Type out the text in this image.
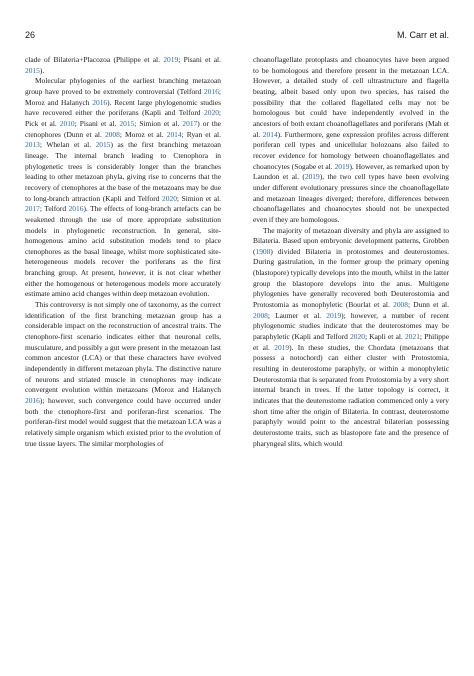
26	M. Carr et al.

clade of Bilateria+Placozoa (Philippe et al. 2019; Pisani et al. 2015).

Molecular phylogenies of the earliest branching metazoan group have proved to be extremely controversial (Telford 2016; Moroz and Halanych 2016). Recent large phylogenomic studies have recovered either the poriferans (Kapli and Telford 2020; Pick et al. 2010; Pisani et al. 2015; Simion et al. 2017) or the ctenophores (Dunn et al. 2008; Moroz et al. 2014; Ryan et al. 2013; Whelan et al. 2015) as the first branching metazoan lineage. The internal branch leading to Ctenophora in phylogenetic trees is considerably longer than the branches leading to other metazoan phyla, giving rise to concerns that the recovery of ctenophores at the base of the metazoans may be due to long-branch attraction (Kapli and Telford 2020; Simion et al. 2017; Telford 2016). The effects of long-branch artefacts can be weakened through the use of more appropriate substitution models in phylogenetic reconstruction. In general, site-homogenous amino acid substitution models tend to place ctenophores as the basal lineage, whilst more sophisticated site-heterogeneous models recover the poriferans as the first branching group. At present, however, it is not clear whether either the homogenous or heterogenous models more accurately estimate amino acid changes within deep metazoan evolution.

This controversy is not simply one of taxonomy, as the correct identification of the first branching metazoan group has a considerable impact on the reconstruction of ancestral traits. The ctenophore-first scenario indicates either that neuronal cells, musculature, and possibly a gut were present in the metazoan last common ancestor (LCA) or that these characters have evolved independently in different metazoan phyla. The distinctive nature of neurons and striated muscle in ctenophores may indicate convergent evolution within metazoans (Moroz and Halanych 2016); however, such convergence could have occurred under both the ctenophore-first and poriferan-first scenarios. The poriferan-first model would suggest that the metazoan LCA was a relatively simple organism which existed prior to the evolution of true tissue layers. The similar morphologies of

choanoflagellate protoplasts and choanocytes have been argued to be homologous and therefore present in the metazoan LCA. However, a detailed study of cell ultrastructure and flagella beating, albeit based only upon two species, has raised the possibility that the collared flagellated cells may not be homologous but could have independently evolved in the ancestors of both extant choanoflagellates and poriferans (Mah et al. 2014). Furthermore, gene expression profiles across different poriferan cell types and unicellular holozoans also failed to recover evidence for homology between choanoflagellates and choanocytes (Sogabe et al. 2019). However, as remarked upon by Laundon et al. (2019), the two cell types have been evolving under different evolutionary pressures since the choanoflagellate and metazoan lineages diverged; therefore, differences between choanoflagellates and choanocytes should not be unexpected even if they are homologous.

The majority of metazoan diversity and phyla are assigned to Bilateria. Based upon embryonic development patterns, Grobben (1908) divided Bilateria in protostomes and deuterostomes. During gastrulation, in the former group the primary opening (blastopore) typically develops into the mouth, whilst in the latter group the blastopore develops into the anus. Multigene phylogenies have generally recovered both Deuterostomia and Protostomia as monophyletic (Bourlat et al. 2008; Dunn et al. 2008; Laumer et al. 2019); however, a number of recent phylogenomic studies indicate that the deuterostomes may be paraphyletic (Kapli and Telford 2020; Kapli et al. 2021; Philippe et al. 2019). In these studies, the Chordata (metazoans that possess a notochord) can either cluster with Protostomia, resulting in deuterostome paraphyly, or within a monophyletic Deuterostomia that is separated from Protostomia by a very short internal branch in trees. If the latter topology is correct, it indicates that the deuterostome radiation commenced only a very short time after the origin of Bilateria. In contrast, deuterostome paraphyly would point to the ancestral bilaterian possessing deuterostome traits, such as blastopore fate and the presence of pharyngeal slits, which would
